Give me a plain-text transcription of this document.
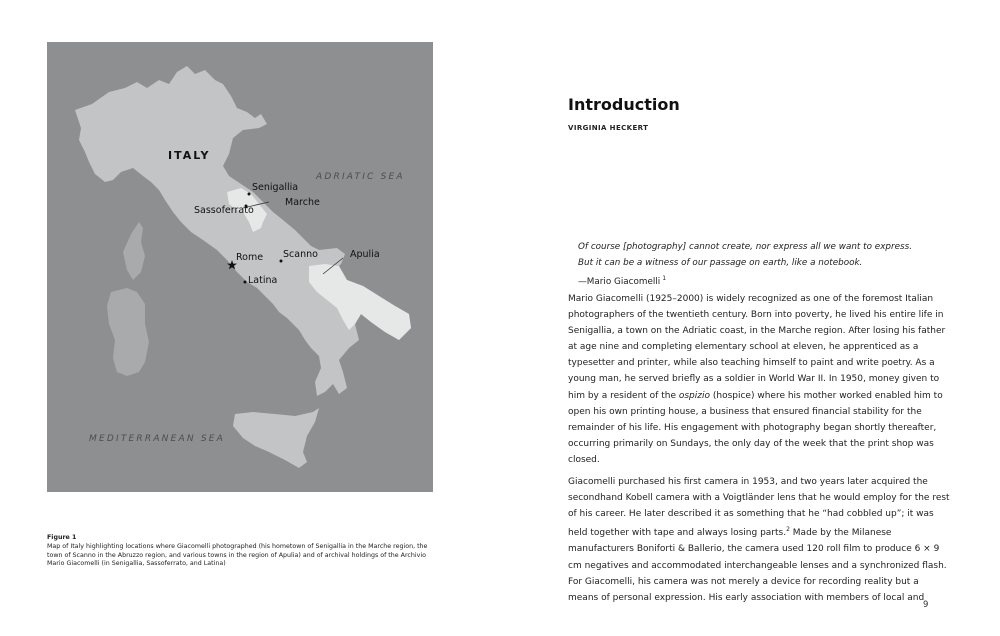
ITALY
ADRIATIC SEA
MEDITERRANEAN SEA
Senigallia
Sassoferrato
Rome Scanno
Latina
Marche
Apulia
Figure 1
Map of Italy highlighting locations where Giacomelli photographed (his hometown of Senigallia in the Marche region, the town of Scanno in the Abruzzo region, and various towns in the region of Apulia) and of archival holdings of the Archivio Mario Giacomelli (in Senigallia, Sassoferrato, and Latina)
Introduction
VIRGINIA HECKERT
Of course [photography] cannot create, nor express all we want to express.
But it can be a witness of our passage on earth, like a notebook.
—Mario Giacomelli $^1$

Mario Giacomelli (1925–2000) is widely recognized as one of the foremost Italian photographers of the twentieth century. Born into poverty, he lived his entire life in Senigallia, a town on the Adriatic coast, in the Marche region. After losing his father at age nine and completing elementary school at eleven, he apprenticed as a typesetter and printer, while also teaching himself to paint and write poetry. As a young man, he served briefly as a soldier in World War II. In 1950, money given to him by a resident of the ospizio (hospice) where his mother worked enabled him to open his own printing house, a business that ensured financial stability for the remainder of his life. His engagement with photography began shortly thereafter, occurring primarily on Sundays, the only day of the week that the print shop was closed.

Giacomelli purchased his first camera in 1953, and two years later acquired the secondhand Kobell camera with a Voigtländer lens that he would employ for the rest of his career. He later described it as something that he “had cobbled up”; it was held together with tape and always losing parts.$^2$ Made by the Milanese manufacturers Boniforti & Ballerio, the camera used 120 roll film to produce 6 × 9 cm negatives and accommodated interchangeable lenses and a synchronized flash. For Giacomelli, his camera was not merely a device for recording reality but a means of personal expression. His early association with members of local and

9
